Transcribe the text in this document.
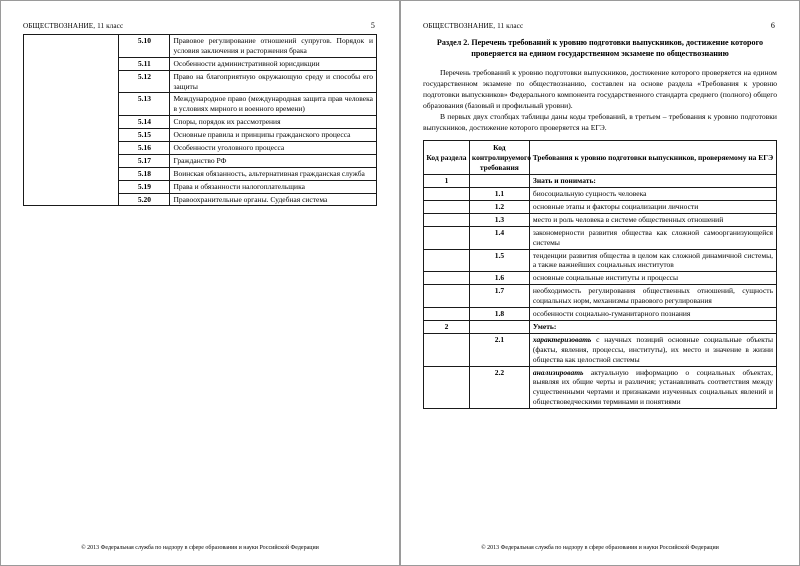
ОБЩЕСТВОЗНАНИЕ, 11 класс	5
	5.10	Правовое регулирование отношений супругов. Порядок и условия заключения и расторжения брака
	5.11	Особенности административной юрисдикции
	5.12	Право на благоприятную окружающую среду и способы его защиты
	5.13	Международное право (международная защита прав человека в условиях мирного и военного времени)
	5.14	Споры, порядок их рассмотрения
	5.15	Основные правила и принципы гражданского процесса
	5.16	Особенности уголовного процесса
	5.17	Гражданство РФ
	5.18	Воинская обязанность, альтернативная гражданская служба
	5.19	Права и обязанности налогоплательщика
	5.20	Правоохранительные органы. Судебная система
© 2013 Федеральная служба по надзору в сфере образования и науки Российской Федерации
ОБЩЕСТВОЗНАНИЕ, 11 класс	6
Раздел 2. Перечень требований к уровню подготовки выпускников, достижение которого проверяется на едином государственном экзамене по обществознанию

Перечень требований к уровню подготовки выпускников, достижение которого проверяется на едином государственном экзамене по обществознанию, составлен на основе раздела «Требования к уровню подготовки выпускников» Федерального компонента государственного стандарта среднего (полного) общего образования (базовый и профильный уровни).

В первых двух столбцах таблицы даны коды требований, в третьем – требования к уровню подготовки выпускников, достижение которого проверяется на ЕГЭ.

Код раздела	Код контролируемого требования	Требования к уровню подготовки выпускников, проверяемому на ЕГЭ
1		Знать и понимать:
	1.1	биосоциальную сущность человека
	1.2	основные этапы и факторы социализации личности
	1.3	место и роль человека в системе общественных отношений
	1.4	закономерности развития общества как сложной самоорганизующейся системы
	1.5	тенденции развития общества в целом как сложной динамичной системы, а также важнейших социальных институтов
	1.6	основные социальные институты и процессы
	1.7	необходимость регулирования общественных отношений, сущность социальных норм, механизмы правового регулирования
	1.8	особенности социально-гуманитарного познания
2		Уметь:
	2.1	характеризовать с научных позиций основные социальные объекты (факты, явления, процессы, институты), их место и значение в жизни общества как целостной системы
	2.2	анализировать актуальную информацию о социальных объектах, выявляя их общие черты и различия; устанавливать соответствия между существенными чертами и признаками изученных социальных явлений и обществоведческими терминами и понятиями
© 2013 Федеральная служба по надзору в сфере образования и науки Российской Федерации
